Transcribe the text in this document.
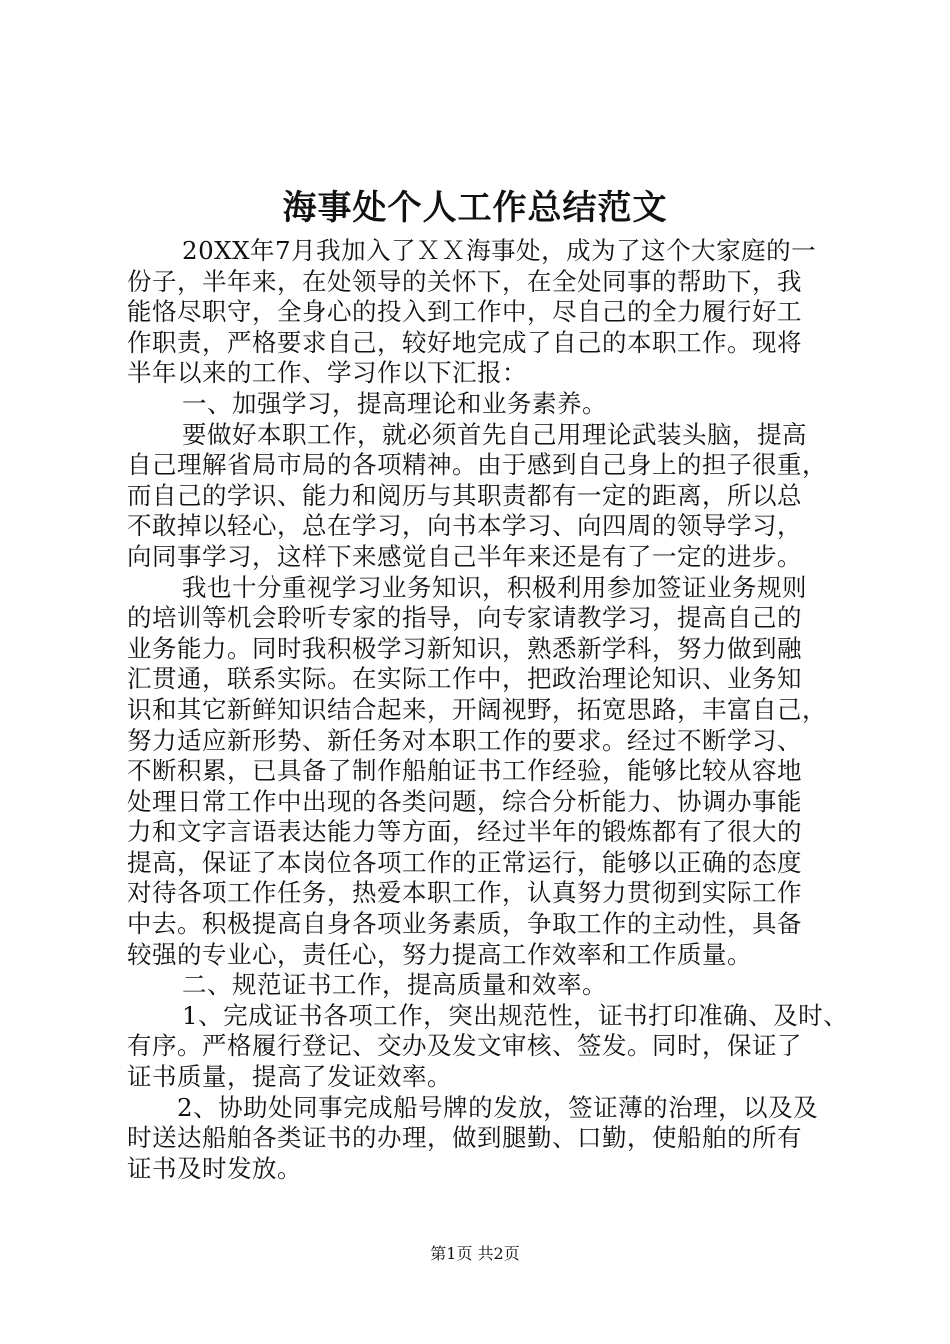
海事处个人工作总结范文
20XX年7月我加入了ＸＸ海事处，成为了这个大家庭的一
份子，半年来，在处领导的关怀下，在全处同事的帮助下，我
能恪尽职守，全身心的投入到工作中，尽自己的全力履行好工
作职责，严格要求自己，较好地完成了自己的本职工作。现将
半年以来的工作、学习作以下汇报：
一、加强学习，提高理论和业务素养。
要做好本职工作，就必须首先自己用理论武装头脑，提高
自己理解省局市局的各项精神。由于感到自己身上的担子很重，
而自己的学识、能力和阅历与其职责都有一定的距离，所以总
不敢掉以轻心，总在学习，向书本学习、向四周的领导学习，
向同事学习，这样下来感觉自己半年来还是有了一定的进步。
我也十分重视学习业务知识，积极利用参加签证业务规则
的培训等机会聆听专家的指导，向专家请教学习，提高自己的
业务能力。同时我积极学习新知识，熟悉新学科，努力做到融
汇贯通，联系实际。在实际工作中，把政治理论知识、业务知
识和其它新鲜知识结合起来，开阔视野，拓宽思路，丰富自己，
努力适应新形势、新任务对本职工作的要求。经过不断学习、
不断积累，已具备了制作船舶证书工作经验，能够比较从容地
处理日常工作中出现的各类问题，综合分析能力、协调办事能
力和文字言语表达能力等方面，经过半年的锻炼都有了很大的
提高，保证了本岗位各项工作的正常运行，能够以正确的态度
对待各项工作任务，热爱本职工作，认真努力贯彻到实际工作
中去。积极提高自身各项业务素质，争取工作的主动性，具备
较强的专业心，责任心，努力提高工作效率和工作质量。
二、规范证书工作，提高质量和效率。
1、完成证书各项工作，突出规范性，证书打印准确、及时、
有序。严格履行登记、交办及发文审核、签发。同时，保证了
证书质量，提高了发证效率。
2、协助处同事完成船号牌的发放，签证薄的治理，以及及
时送达船舶各类证书的办理，做到腿勤、口勤，使船舶的所有
证书及时发放。
第1页 共2页
